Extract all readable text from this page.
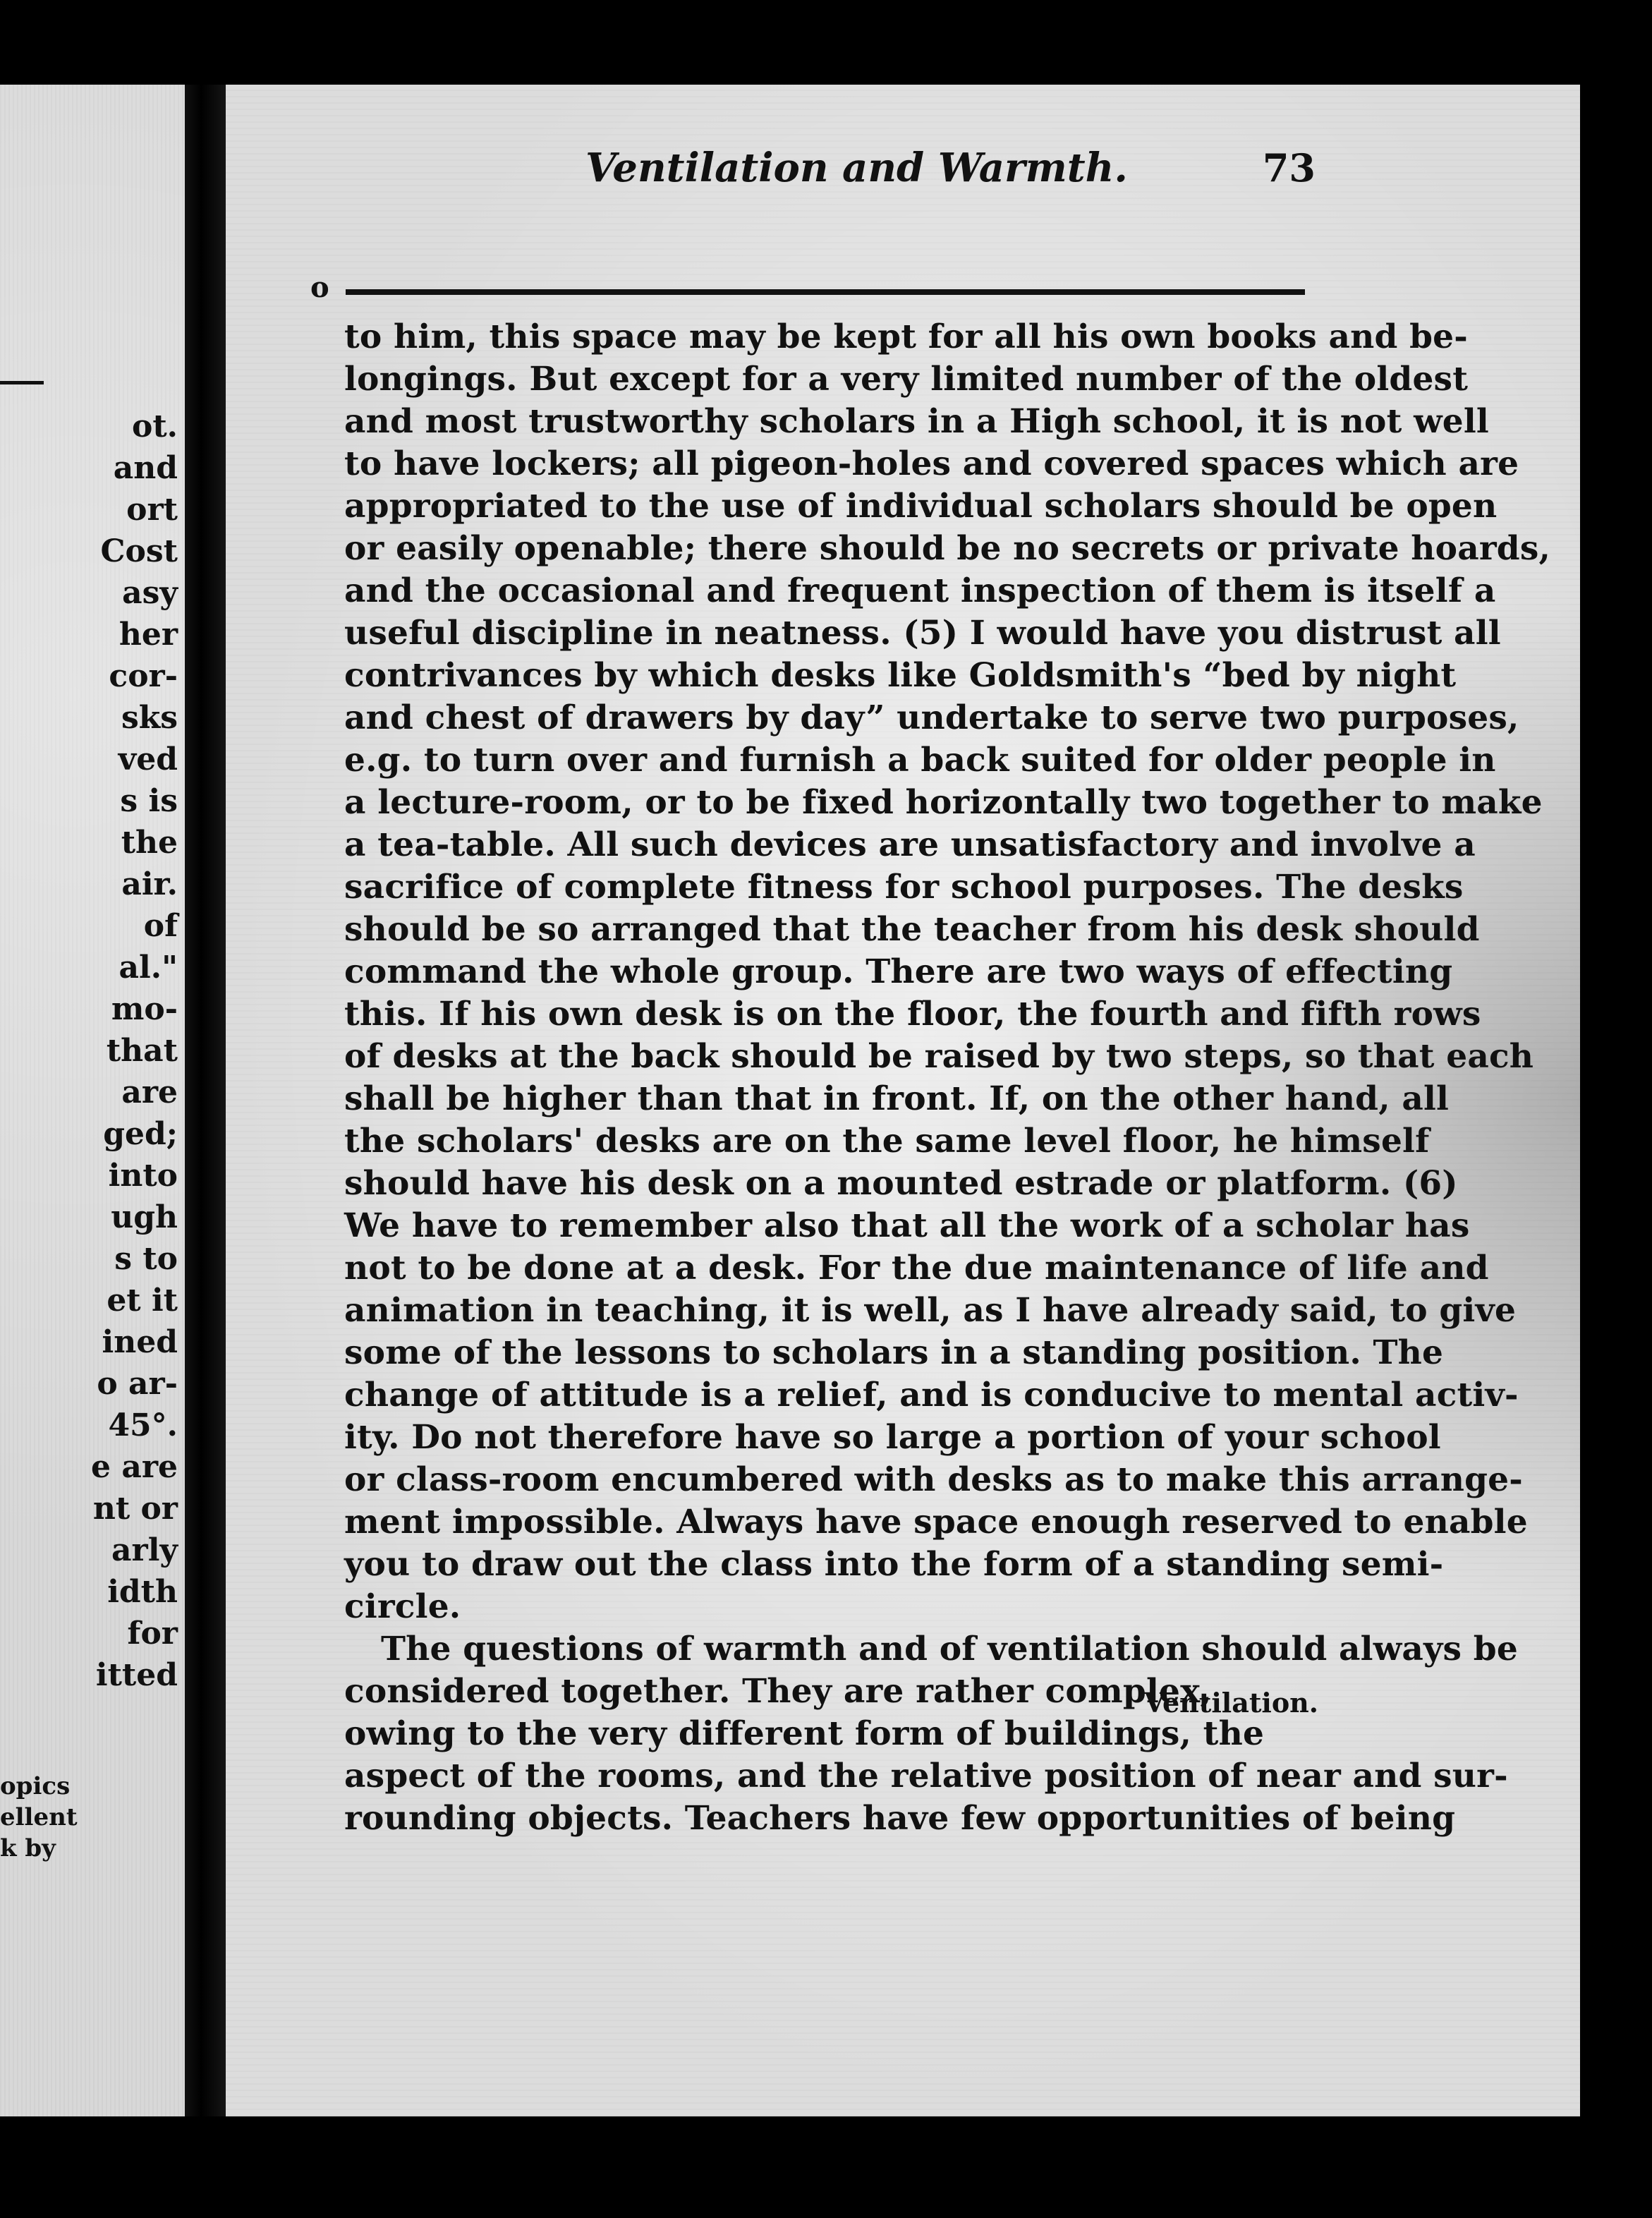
ot.
and
ort
Cost
asy
her
cor-
sks
ved
s is
the
air.
of
al."
mo-
that
are
ged;
into
ugh
s to
et it
ined
o ar-
45°.
e are
nt or
arly
idth
for
itted
opics
ellent
k by
Ventilation and Warmth.	73
o
to him, this space may be kept for all his own books and be-
longings. But except for a very limited number of the oldest
and most trustworthy scholars in a High school, it is not well
to have lockers; all pigeon-holes and covered spaces which are
appropriated to the use of individual scholars should be open
or easily openable; there should be no secrets or private hoards,
and the occasional and frequent inspection of them is itself a
useful discipline in neatness. (5) I would have you distrust all
contrivances by which desks like Goldsmith's “bed by night
and chest of drawers by day” undertake to serve two purposes,
e.g. to turn over and furnish a back suited for older people in
a lecture-room, or to be fixed horizontally two together to make
a tea-table. All such devices are unsatisfactory and involve a
sacrifice of complete fitness for school purposes. The desks
should be so arranged that the teacher from his desk should
command the whole group. There are two ways of effecting
this. If his own desk is on the floor, the fourth and fifth rows
of desks at the back should be raised by two steps, so that each
shall be higher than that in front. If, on the other hand, all
the scholars' desks are on the same level floor, he himself
should have his desk on a mounted estrade or platform. (6)
We have to remember also that all the work of a scholar has
not to be done at a desk. For the due maintenance of life and
animation in teaching, it is well, as I have already said, to give
some of the lessons to scholars in a standing position. The
change of attitude is a relief, and is conducive to mental activ-
ity. Do not therefore have so large a portion of your school
or class-room encumbered with desks as to make this arrange-
ment impossible. Always have space enough reserved to enable
you to draw out the class into the form of a standing semi-
circle.
The questions of warmth and of ventilation should always be
considered together. They are rather complex,
owing to the very different form of buildings, the
aspect of the rooms, and the relative position of near and sur-
rounding objects. Teachers have few opportunities of being
Ventilation.
